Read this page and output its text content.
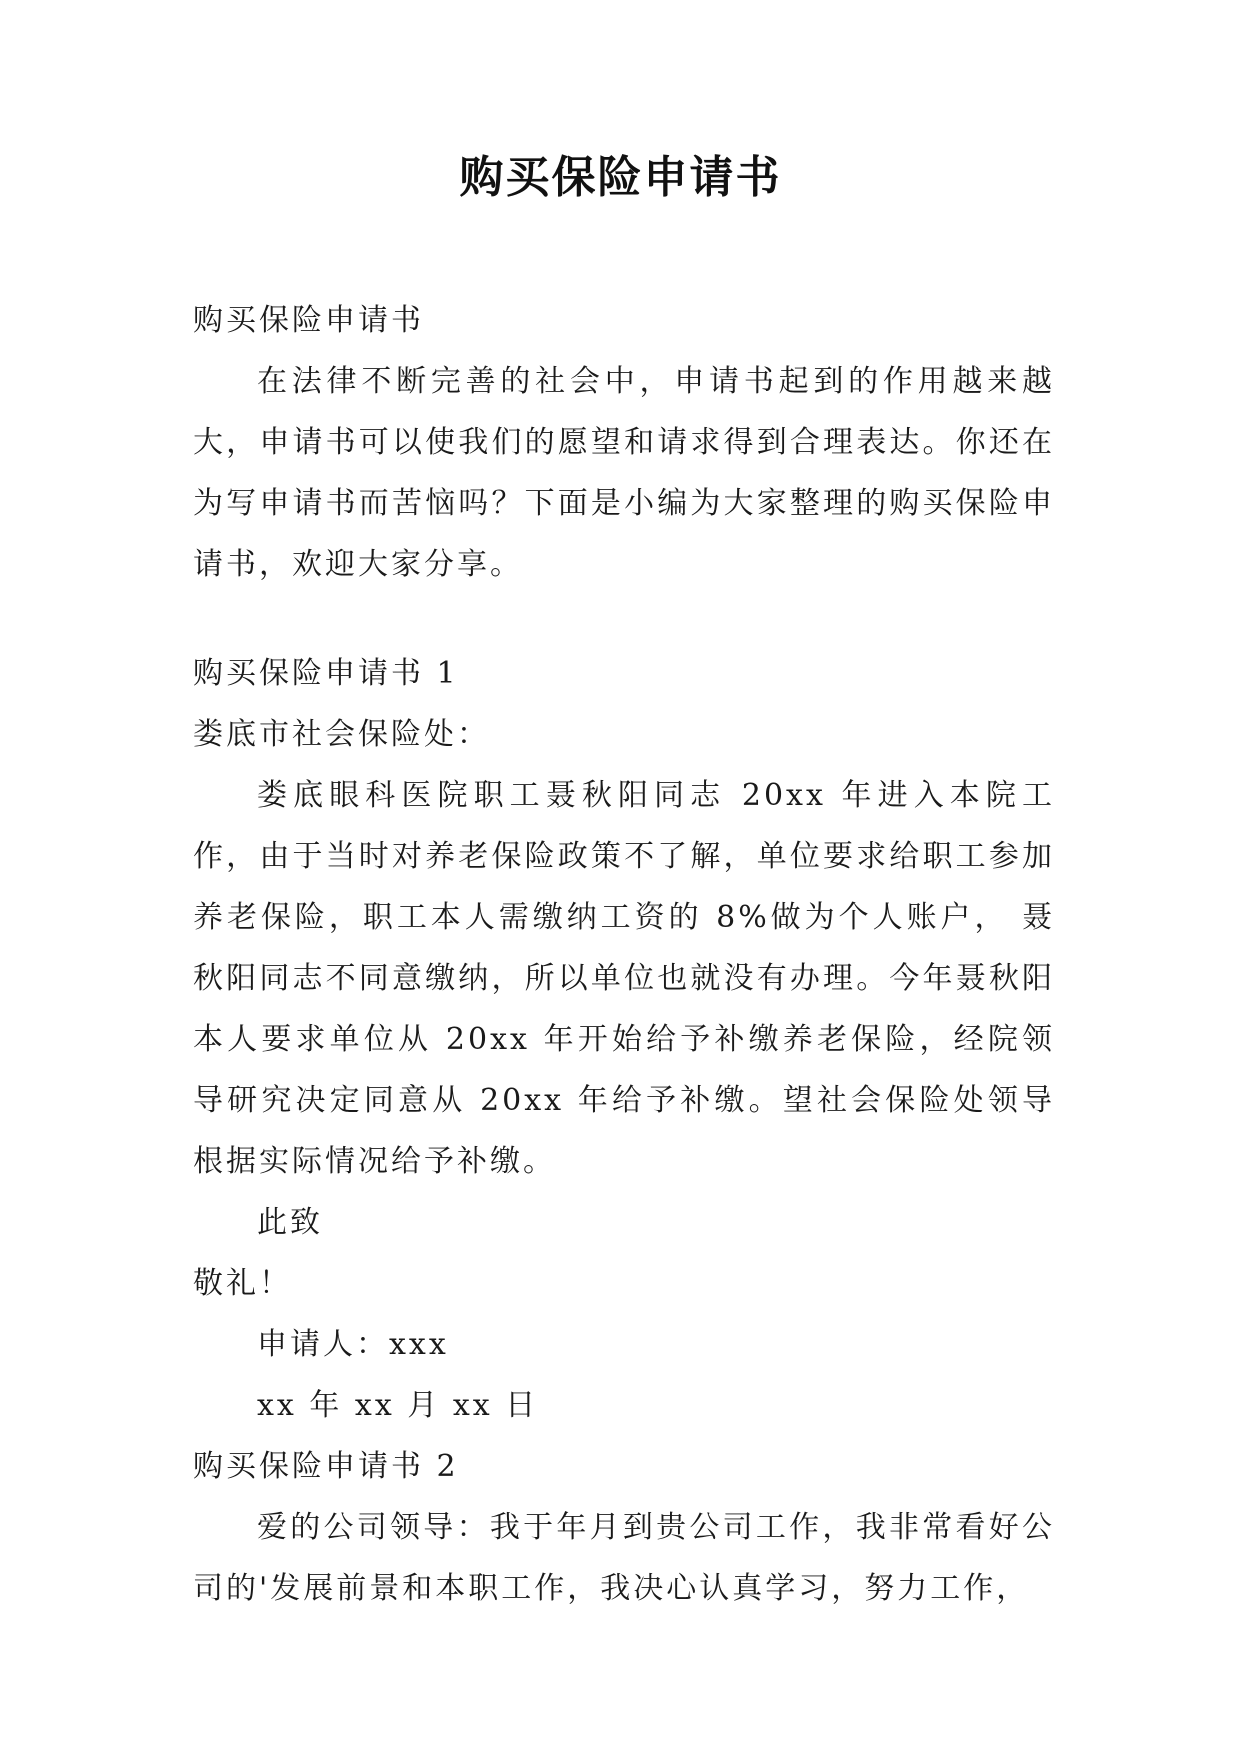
购买保险申请书
购买保险申请书
在法律不断完善的社会中，申请书起到的作用越来越大，申请书可以使我们的愿望和请求得到合理表达。你还在为写申请书而苦恼吗？下面是小编为大家整理的购买保险申请书，欢迎大家分享。
购买保险申请书 1
娄底市社会保险处：
娄底眼科医院职工聂秋阳同志 20xx 年进入本院工作，由于当时对养老保险政策不了解，单位要求给职工参加养老保险，职工本人需缴纳工资的 8%做为个人账户， 聂秋阳同志不同意缴纳，所以单位也就没有办理。今年聂秋阳本人要求单位从 20xx 年开始给予补缴养老保险，经院领导研究决定同意从 20xx 年给予补缴。望社会保险处领导根据实际情况给予补缴。
此致
敬礼！
申请人：xxx
xx 年 xx 月 xx 日
购买保险申请书 2
爱的公司领导：我于年月到贵公司工作，我非常看好公司的'发展前景和本职工作，我决心认真学习，努力工作，
